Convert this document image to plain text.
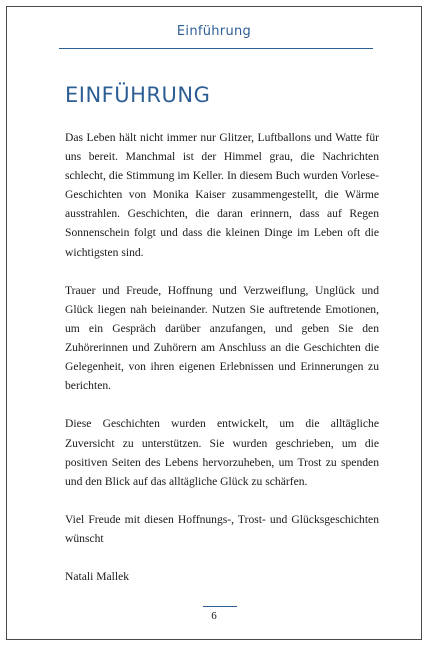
Einführung
EINFÜHRUNG

Das Leben hält nicht immer nur Glitzer, Luftballons und Watte für uns bereit. Manchmal ist der Himmel grau, die Nachrichten schlecht, die Stimmung im Keller. In diesem Buch wurden Vorlese-Geschichten von Monika Kaiser zusammengestellt, die Wärme ausstrahlen. Geschichten, die daran erinnern, dass auf Regen Sonnenschein folgt und dass die kleinen Dinge im Leben oft die wichtigsten sind.

Trauer und Freude, Hoffnung und Verzweiflung, Unglück und Glück liegen nah beieinander. Nutzen Sie auftretende Emotionen, um ein Gespräch darüber anzufangen, und geben Sie den Zuhörerinnen und Zuhörern am Anschluss an die Geschichten die Gelegenheit, von ihren eigenen Erlebnissen und Erinnerungen zu berichten.

Diese Geschichten wurden entwickelt, um die alltägliche Zuversicht zu unterstützen. Sie wurden geschrieben, um die positiven Seiten des Lebens hervorzuheben, um Trost zu spenden und den Blick auf das alltägliche Glück zu schärfen.

Viel Freude mit diesen Hoffnungs-, Trost- und Glücksgeschichten wünscht

Natali Mallek

6
